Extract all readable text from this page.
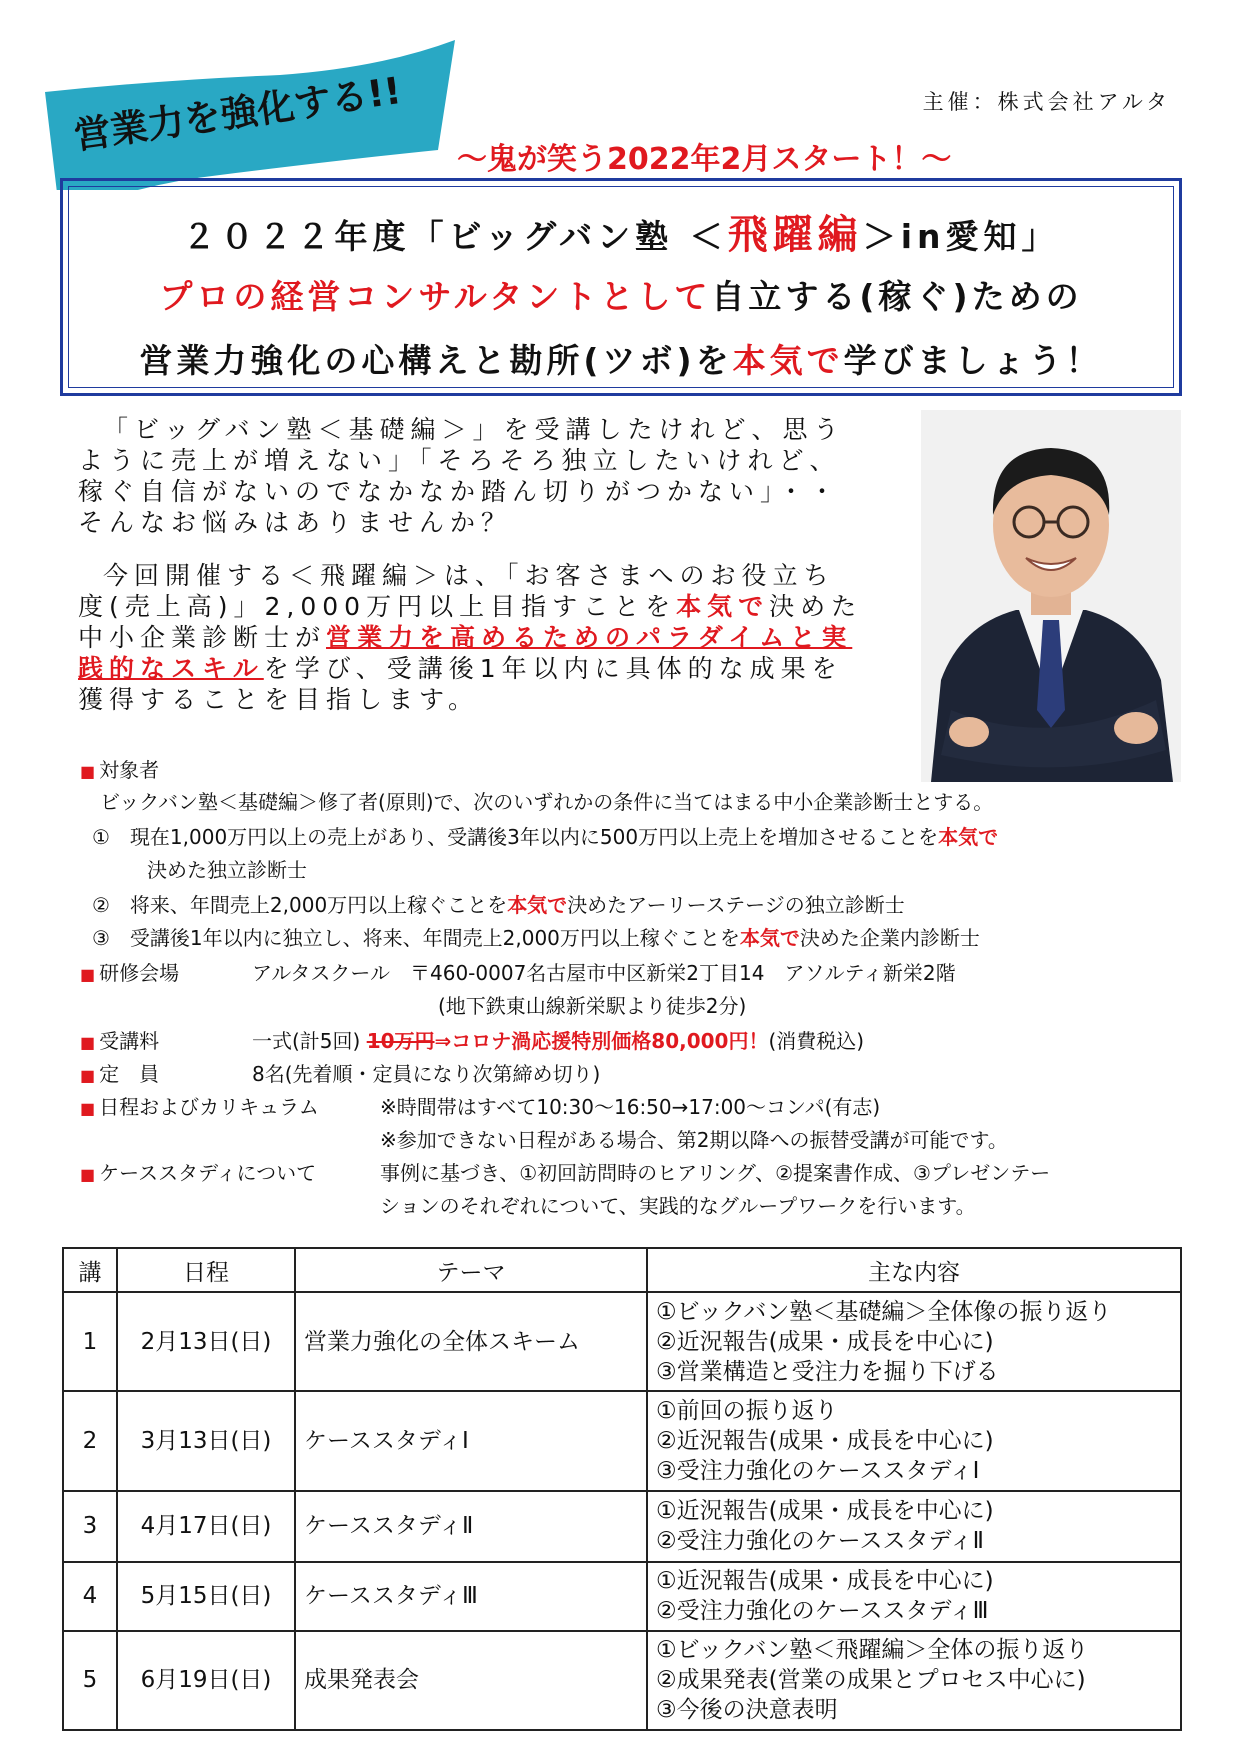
営業力を強化する!!	主催：株式会社アルタ
～鬼が笑う2022年2月スタート！～
２０２２年度「ビッグバン塾 ＜飛躍編＞in愛知」
プロの経営コンサルタントとして自立する(稼ぐ)ための
営業力強化の心構えと勘所(ツボ)を本気で学びましょう！
「ビッグバン塾＜基礎編＞」を受講したけれど、思う
ように売上が増えない」「そろそろ独立したいけれど、
稼ぐ自信がないのでなかなか踏ん切りがつかない」・・
そんなお悩みはありませんか？
今回開催する＜飛躍編＞は、「お客さまへのお役立ち
度(売上高)」2,000万円以上目指すことを本気で決めた
中小企業診断士が営業力を高めるためのパラダイムと実
践的なスキルを学び、受講後1年以内に具体的な成果を
獲得することを目指します。
■ 対象者
ビックバン塾＜基礎編＞修了者(原則)で、次のいずれかの条件に当てはまる中小企業診断士とする。
①　現在1,000万円以上の売上があり、受講後3年以内に500万円以上売上を増加させることを本気で
決めた独立診断士
②　将来、年間売上2,000万円以上稼ぐことを本気で決めたアーリーステージの独立診断士
③　受講後1年以内に独立し、将来、年間売上2,000万円以上稼ぐことを本気で決めた企業内診断士
■ 研修会場	アルタスクール　〒460-0007名古屋市中区新栄2丁目14　アソルティ新栄2階
(地下鉄東山線新栄駅より徒歩2分)
■ 受講料	一式(計5回) 10万円⇒コロナ渦応援特別価格80,000円！(消費税込)
■ 定　員	8名(先着順・定員になり次第締め切り)
■ 日程およびカリキュラム	※時間帯はすべて10:30～16:50→17:00～コンパ(有志)
※参加できない日程がある場合、第2期以降への振替受講が可能です。
■ ケーススタディについて	事例に基づき、①初回訪問時のヒアリング、②提案書作成、③プレゼンテー
ションのそれぞれについて、実践的なグループワークを行います。
講	日程	テーマ	主な内容
1	2月13日(日)	営業力強化の全体スキーム	①ビックバン塾＜基礎編＞全体像の振り返り
②近況報告(成果・成長を中心に)
③営業構造と受注力を掘り下げる

2	3月13日(日)	ケーススタディⅠ	①前回の振り返り
②近況報告(成果・成長を中心に)
③受注力強化のケーススタディⅠ

3	4月17日(日)	ケーススタディⅡ	①近況報告(成果・成長を中心に)
②受注力強化のケーススタディⅡ

4	5月15日(日)	ケーススタディⅢ	①近況報告(成果・成長を中心に)
②受注力強化のケーススタディⅢ

5	6月19日(日)	成果発表会	①ビックバン塾＜飛躍編＞全体の振り返り
②成果発表(営業の成果とプロセス中心に)
③今後の決意表明
